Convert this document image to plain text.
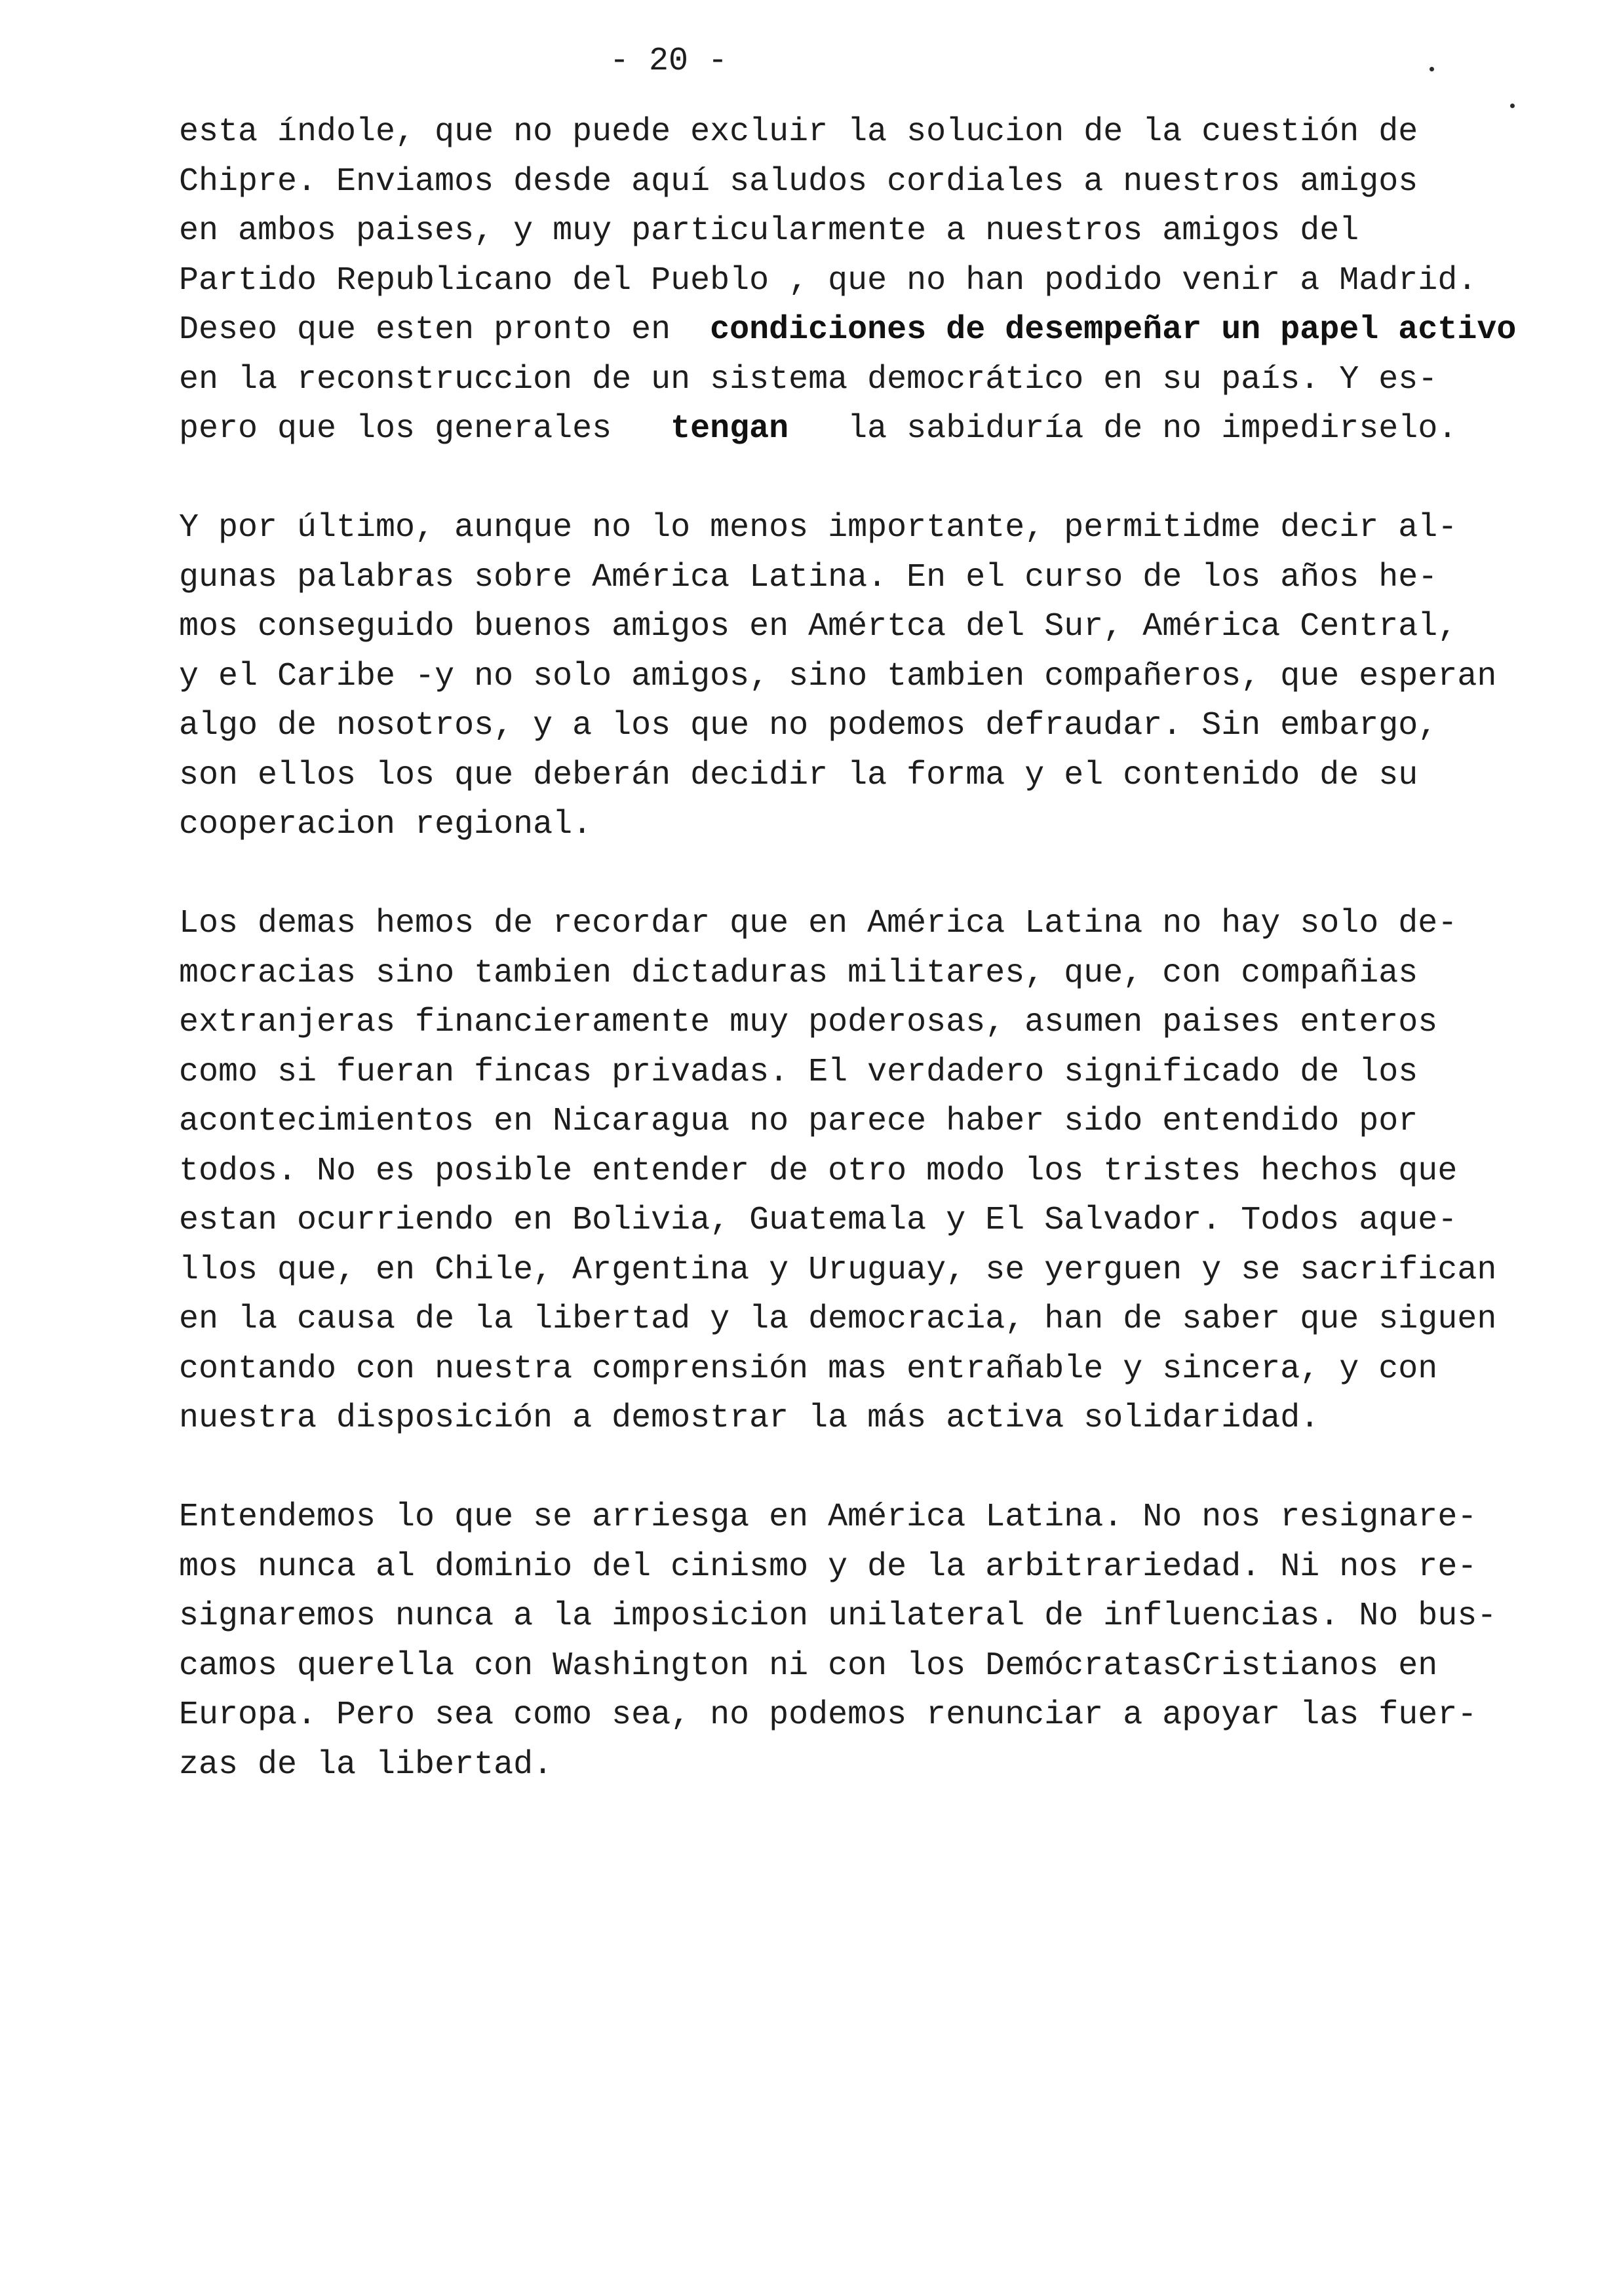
- 20 -
esta índole, que no puede excluir la solucion de la cuestión de
Chipre. Enviamos desde aquí saludos cordiales a nuestros amigos
en ambos paises, y muy particularmente a nuestros amigos del
Partido Republicano del Pueblo , que no han podido venir a Madrid.
Deseo que esten pronto en  condiciones de desempeñar un papel activo
en la reconstruccion de un sistema democrático en su país. Y es-
pero que los generales   tengan   la sabiduría de no impedirselo.
Y por último, aunque no lo menos importante, permitidme decir al-
gunas palabras sobre América Latina. En el curso de los años he-
mos conseguido buenos amigos en Amértca del Sur, América Central,
y el Caribe -y no solo amigos, sino tambien compañeros, que esperan
algo de nosotros, y a los que no podemos defraudar. Sin embargo,
son ellos los que deberán decidir la forma y el contenido de su
cooperacion regional.
Los demas hemos de recordar que en América Latina no hay solo de-
mocracias sino tambien dictaduras militares, que, con compañias
extranjeras financieramente muy poderosas, asumen paises enteros
como si fueran fincas privadas. El verdadero significado de los
acontecimientos en Nicaragua no parece haber sido entendido por
todos. No es posible entender de otro modo los tristes hechos que
estan ocurriendo en Bolivia, Guatemala y El Salvador. Todos aque-
llos que, en Chile, Argentina y Uruguay, se yerguen y se sacrifican
en la causa de la libertad y la democracia, han de saber que siguen
contando con nuestra comprensión mas entrañable y sincera, y con
nuestra disposición a demostrar la más activa solidaridad.
Entendemos lo que se arriesga en América Latina. No nos resignare-
mos nunca al dominio del cinismo y de la arbitrariedad. Ni nos re-
signaremos nunca a la imposicion unilateral de influencias. No bus-
camos querella con Washington ni con los DemócratasCristianos en
Europa. Pero sea como sea, no podemos renunciar a apoyar las fuer-
zas de la libertad.
